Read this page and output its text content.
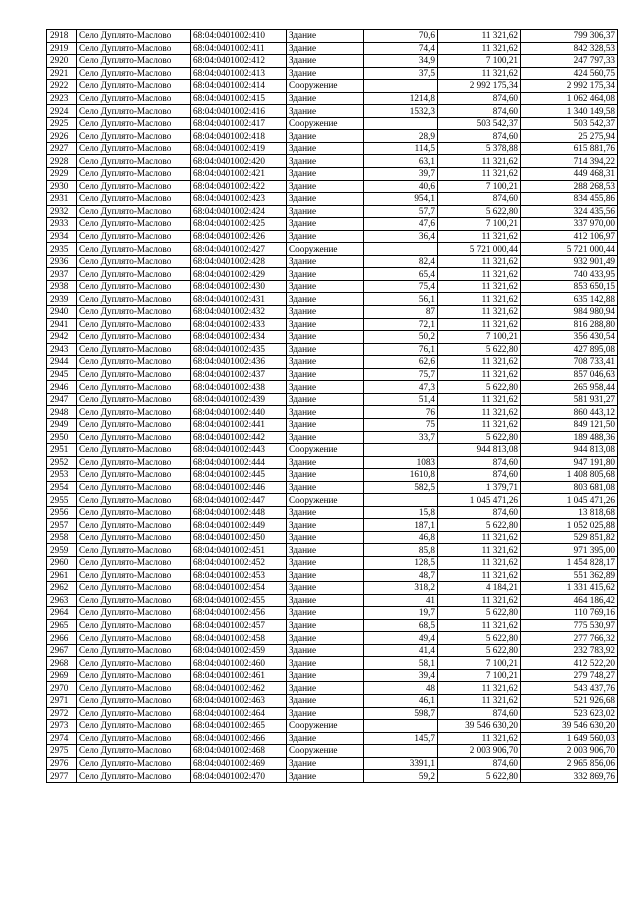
2918	Село Дуплято-Маслово	68:04:0401002:410	Здание	70,6	11 321,62	799 306,37
2919	Село Дуплято-Маслово	68:04:0401002:411	Здание	74,4	11 321,62	842 328,53
2920	Село Дуплято-Маслово	68:04:0401002:412	Здание	34,9	7 100,21	247 797,33
2921	Село Дуплято-Маслово	68:04:0401002:413	Здание	37,5	11 321,62	424 560,75
2922	Село Дуплято-Маслово	68:04:0401002:414	Сооружение		2 992 175,34	2 992 175,34
2923	Село Дуплято-Маслово	68:04:0401002:415	Здание	1214,8	874,60	1 062 464,08
2924	Село Дуплято-Маслово	68:04:0401002:416	Здание	1532,3	874,60	1 340 149,58
2925	Село Дуплято-Маслово	68:04:0401002:417	Сооружение		503 542,37	503 542,37
2926	Село Дуплято-Маслово	68:04:0401002:418	Здание	28,9	874,60	25 275,94
2927	Село Дуплято-Маслово	68:04:0401002:419	Здание	114,5	5 378,88	615 881,76
2928	Село Дуплято-Маслово	68:04:0401002:420	Здание	63,1	11 321,62	714 394,22
2929	Село Дуплято-Маслово	68:04:0401002:421	Здание	39,7	11 321,62	449 468,31
2930	Село Дуплято-Маслово	68:04:0401002:422	Здание	40,6	7 100,21	288 268,53
2931	Село Дуплято-Маслово	68:04:0401002:423	Здание	954,1	874,60	834 455,86
2932	Село Дуплято-Маслово	68:04:0401002:424	Здание	57,7	5 622,80	324 435,56
2933	Село Дуплято-Маслово	68:04:0401002:425	Здание	47,6	7 100,21	337 970,00
2934	Село Дуплято-Маслово	68:04:0401002:426	Здание	36,4	11 321,62	412 106,97
2935	Село Дуплято-Маслово	68:04:0401002:427	Сооружение		5 721 000,44	5 721 000,44
2936	Село Дуплято-Маслово	68:04:0401002:428	Здание	82,4	11 321,62	932 901,49
2937	Село Дуплято-Маслово	68:04:0401002:429	Здание	65,4	11 321,62	740 433,95
2938	Село Дуплято-Маслово	68:04:0401002:430	Здание	75,4	11 321,62	853 650,15
2939	Село Дуплято-Маслово	68:04:0401002:431	Здание	56,1	11 321,62	635 142,88
2940	Село Дуплято-Маслово	68:04:0401002:432	Здание	87	11 321,62	984 980,94
2941	Село Дуплято-Маслово	68:04:0401002:433	Здание	72,1	11 321,62	816 288,80
2942	Село Дуплято-Маслово	68:04:0401002:434	Здание	50,2	7 100,21	356 430,54
2943	Село Дуплято-Маслово	68:04:0401002:435	Здание	76,1	5 622,80	427 895,08
2944	Село Дуплято-Маслово	68:04:0401002:436	Здание	62,6	11 321,62	708 733,41
2945	Село Дуплято-Маслово	68:04:0401002:437	Здание	75,7	11 321,62	857 046,63
2946	Село Дуплято-Маслово	68:04:0401002:438	Здание	47,3	5 622,80	265 958,44
2947	Село Дуплято-Маслово	68:04:0401002:439	Здание	51,4	11 321,62	581 931,27
2948	Село Дуплято-Маслово	68:04:0401002:440	Здание	76	11 321,62	860 443,12
2949	Село Дуплято-Маслово	68:04:0401002:441	Здание	75	11 321,62	849 121,50
2950	Село Дуплято-Маслово	68:04:0401002:442	Здание	33,7	5 622,80	189 488,36
2951	Село Дуплято-Маслово	68:04:0401002:443	Сооружение		944 813,08	944 813,08
2952	Село Дуплято-Маслово	68:04:0401002:444	Здание	1083	874,60	947 191,80
2953	Село Дуплято-Маслово	68:04:0401002:445	Здание	1610,8	874,60	1 408 805,68
2954	Село Дуплято-Маслово	68:04:0401002:446	Здание	582,5	1 379,71	803 681,08
2955	Село Дуплято-Маслово	68:04:0401002:447	Сооружение		1 045 471,26	1 045 471,26
2956	Село Дуплято-Маслово	68:04:0401002:448	Здание	15,8	874,60	13 818,68
2957	Село Дуплято-Маслово	68:04:0401002:449	Здание	187,1	5 622,80	1 052 025,88
2958	Село Дуплято-Маслово	68:04:0401002:450	Здание	46,8	11 321,62	529 851,82
2959	Село Дуплято-Маслово	68:04:0401002:451	Здание	85,8	11 321,62	971 395,00
2960	Село Дуплято-Маслово	68:04:0401002:452	Здание	128,5	11 321,62	1 454 828,17
2961	Село Дуплято-Маслово	68:04:0401002:453	Здание	48,7	11 321,62	551 362,89
2962	Село Дуплято-Маслово	68:04:0401002:454	Здание	318,2	4 184,21	1 331 415,62
2963	Село Дуплято-Маслово	68:04:0401002:455	Здание	41	11 321,62	464 186,42
2964	Село Дуплято-Маслово	68:04:0401002:456	Здание	19,7	5 622,80	110 769,16
2965	Село Дуплято-Маслово	68:04:0401002:457	Здание	68,5	11 321,62	775 530,97
2966	Село Дуплято-Маслово	68:04:0401002:458	Здание	49,4	5 622,80	277 766,32
2967	Село Дуплято-Маслово	68:04:0401002:459	Здание	41,4	5 622,80	232 783,92
2968	Село Дуплято-Маслово	68:04:0401002:460	Здание	58,1	7 100,21	412 522,20
2969	Село Дуплято-Маслово	68:04:0401002:461	Здание	39,4	7 100,21	279 748,27
2970	Село Дуплято-Маслово	68:04:0401002:462	Здание	48	11 321,62	543 437,76
2971	Село Дуплято-Маслово	68:04:0401002:463	Здание	46,1	11 321,62	521 926,68
2972	Село Дуплято-Маслово	68:04:0401002:464	Здание	598,7	874,60	523 623,02
2973	Село Дуплято-Маслово	68:04:0401002:465	Сооружение		39 546 630,20	39 546 630,20
2974	Село Дуплято-Маслово	68:04:0401002:466	Здание	145,7	11 321,62	1 649 560,03
2975	Село Дуплято-Маслово	68:04:0401002:468	Сооружение		2 003 906,70	2 003 906,70
2976	Село Дуплято-Маслово	68:04:0401002:469	Здание	3391,1	874,60	2 965 856,06
2977	Село Дуплято-Маслово	68:04:0401002:470	Здание	59,2	5 622,80	332 869,76
